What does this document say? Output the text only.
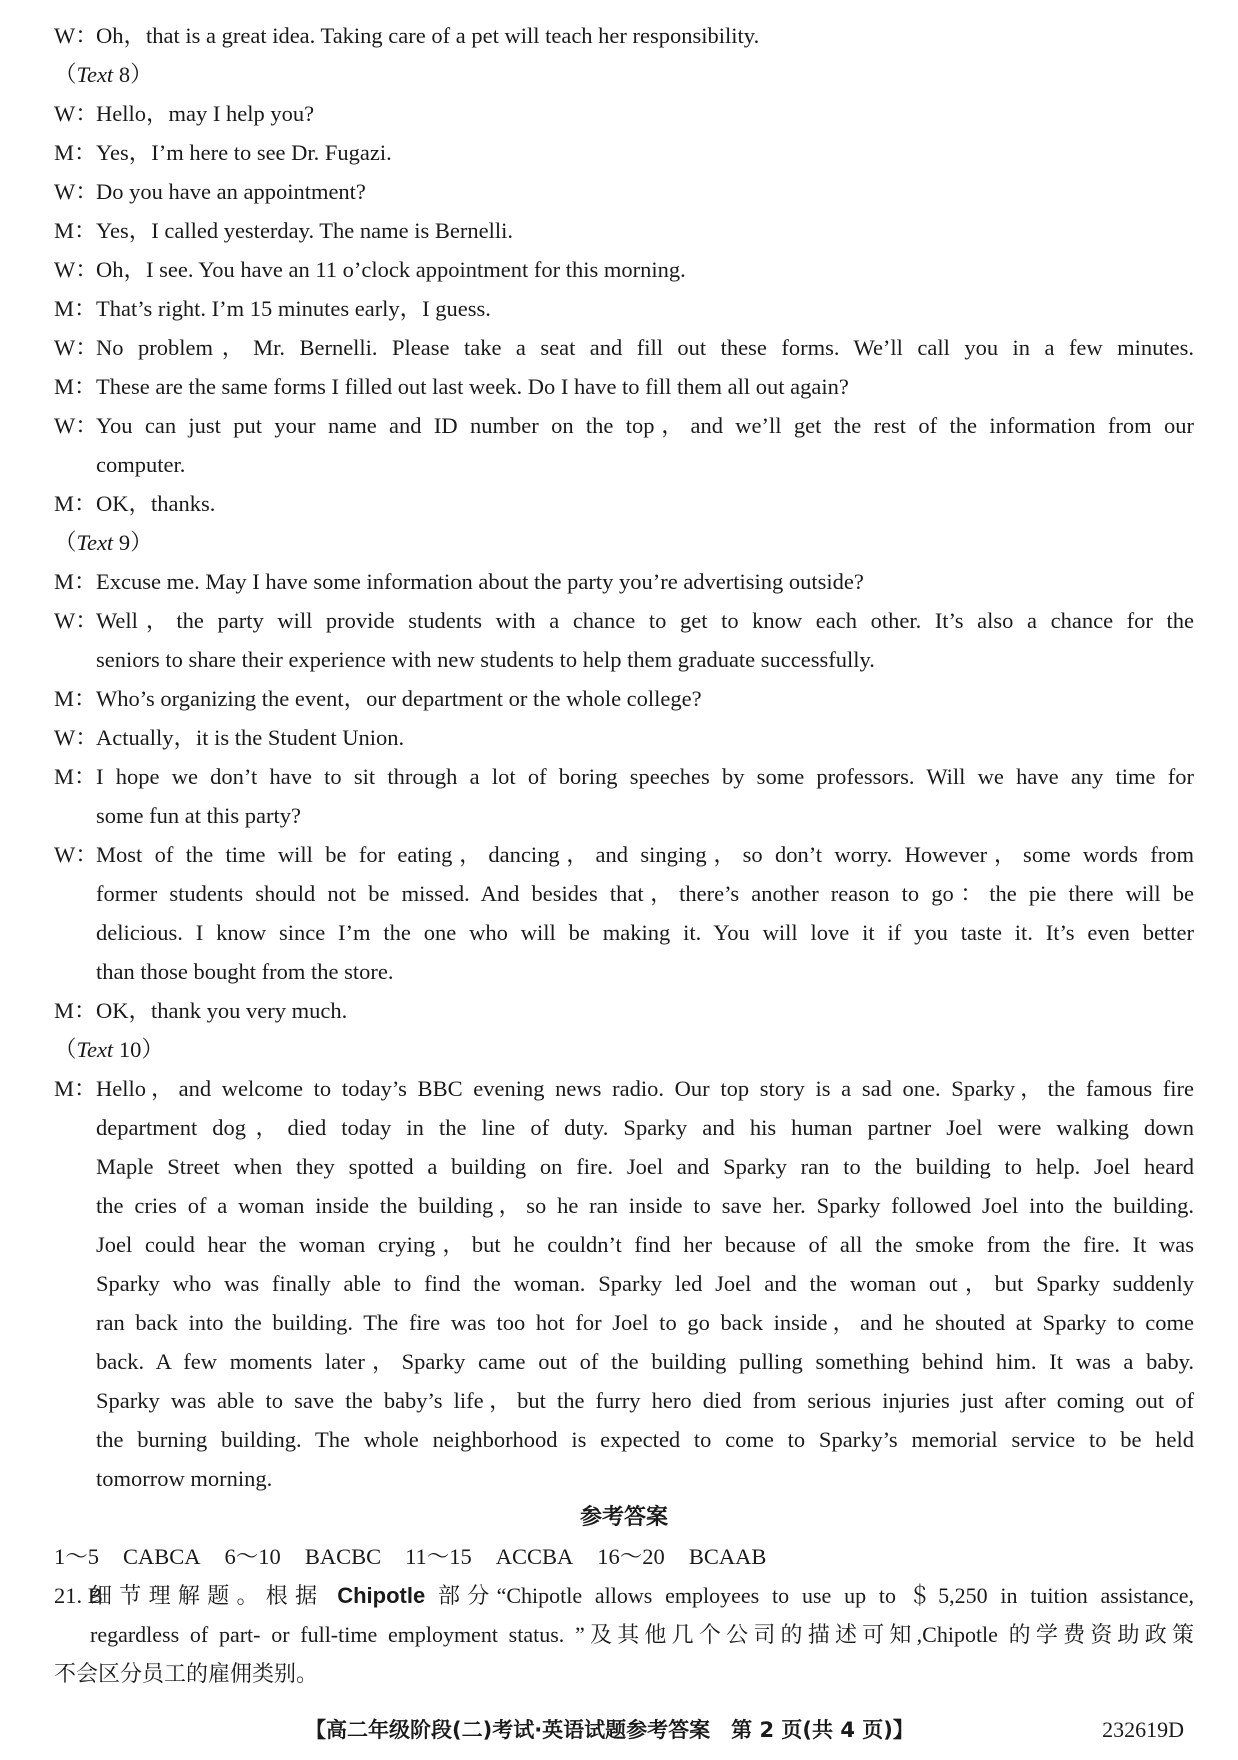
W：
Oh，that is a great idea. Taking care of a pet will teach her responsibility.
（Text 8）
W：
Hello，may I help you?
M： Yes，I’m here to see Dr. Fugazi.
W：
Do you have an appointment?
M： Yes，I called yesterday. The name is Bernelli.
W：
Oh，I see. You have an 11 o’clock appointment for this morning.
M： That’s right. I’m 15 minutes early，I guess.
W：
No problem，Mr. Bernelli. Please take a seat and fill out these forms. We’ll call you in a few minutes.
M： These are the same forms I filled out last week. Do I have to fill them all out again?
W：
You can just put your name and ID number on the top，and we’ll get the rest of the information from our
computer.
M： OK，thanks.
（Text 9）
M： Excuse me. May I have some information about the party you’re advertising outside?
W：
Well，the party will provide students with a chance to get to know each other. It’s also a chance for the
seniors to share their experience with new students to help them graduate successfully.
M： Who’s organizing the event，our department or the whole college?
W：
Actually，it is the Student Union.
M： I hope we don’t have to sit through a lot of boring speeches by some professors. Will we have any time for
some fun at this party?
W：
Most of the time will be for eating，dancing，and singing，so don’t worry. However，some words from
former students should not be missed. And besides that，there’s another reason to go：the pie there will be
delicious. I know since I’m the one who will be making it. You will love it if you taste it. It’s even better
than those bought from the store.
M： OK，thank you very much.
（Text 10）
M： Hello，and welcome to today’s BBC evening news radio. Our top story is a sad one. Sparky，the famous fire
department dog，died today in the line of duty. Sparky and his human partner Joel were walking down
Maple Street when they spotted a building on fire. Joel and Sparky ran to the building to help. Joel heard
the cries of a woman inside the building，so he ran inside to save her. Sparky followed Joel into the building.
Joel could hear the woman crying，but he couldn’t find her because of all the smoke from the fire. It was
Sparky who was finally able to find the woman. Sparky led Joel and the woman out，but Sparky suddenly
ran back into the building. The fire was too hot for Joel to go back inside，and he shouted at Sparky to come
back. A few moments later，Sparky came out of the building pulling something behind him. It was a baby.
Sparky was able to save the baby’s life，but the furry hero died from serious injuries just after coming out of
the burning building. The whole neighborhood is expected to come to Sparky’s memorial service to be held
tomorrow morning.
参考答案
1～5 CABCA 6～10 BACBC 11～15 ACCBA 16～20 BCAAB
21. B
细节理解题。根据 Chipotle 部分“Chipotle allows employees to use up to ＄5,250 in tuition assistance,
regardless of part- or full-time employment status. ”及其他几个公司的描述可知,Chipotle 的学费资助政策
不会区分员工的雇佣类别。
【高二年级阶段(二)考试·英语试题参考答案　第 2 页(共 4 页)】	232619D
